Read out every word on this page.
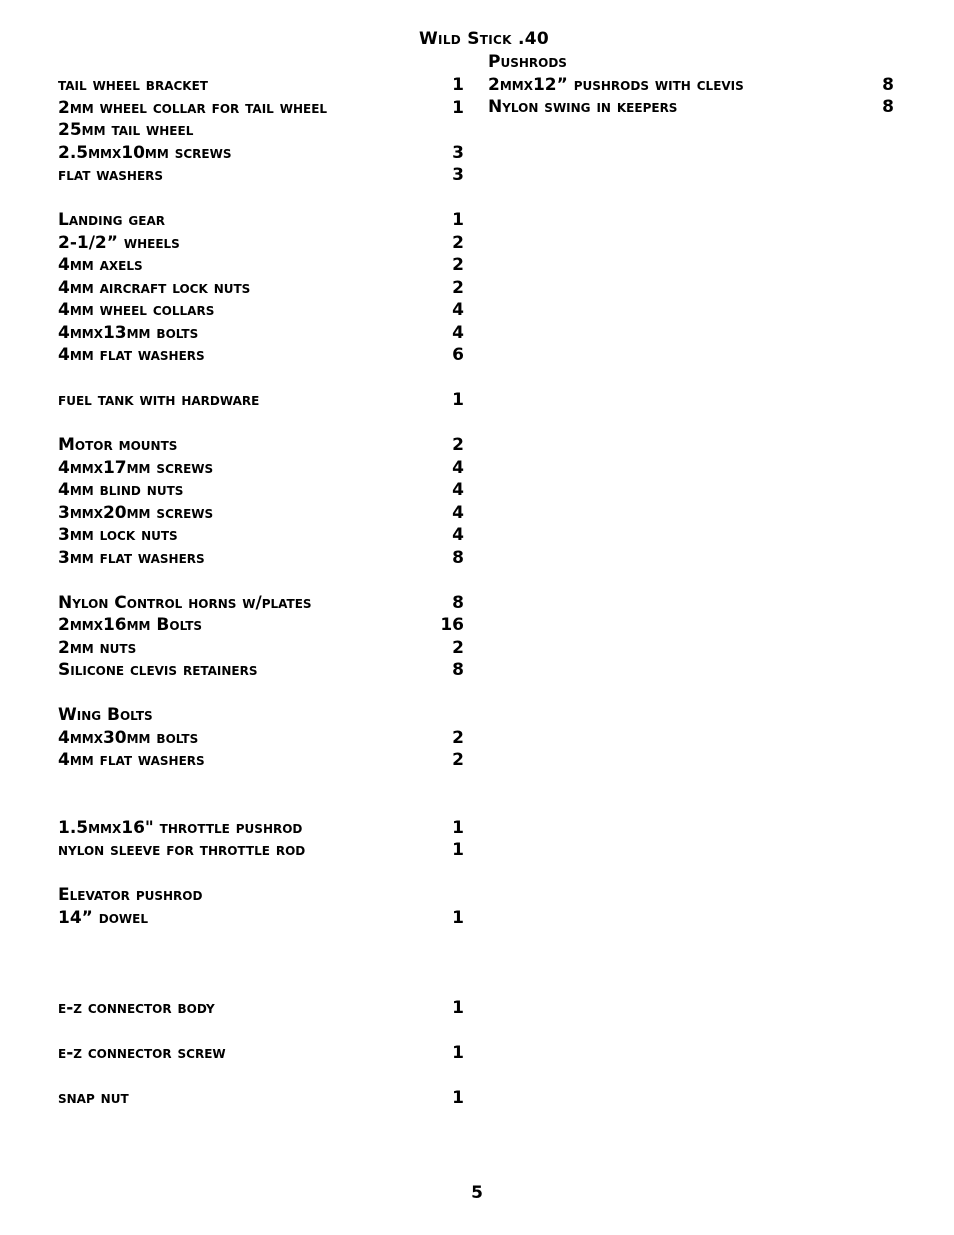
Wild Stick .40
tail wheel bracket	1
2mm wheel collar for tail wheel	1
25mm tail wheel
2.5mmx10mm screws	3
flat washers	3
Landing gear	1
2-1/2” wheels	2
4mm axels	2
4mm aircraft lock nuts	2
4mm wheel collars	4
4mmx13mm bolts	4
4mm flat washers	6
fuel tank with hardware	1
Motor mounts	2
4mmx17mm screws	4
4mm blind nuts	4
3mmx20mm screws	4
3mm lock nuts	4
3mm flat washers	8
Nylon Control horns w/plates	8
2mmx16mm Bolts	16
2mm nuts	2
Silicone clevis retainers	8
Wing Bolts
4mmx30mm bolts	2
4mm flat washers	2
1.5mmx16" throttle pushrod	1
nylon sleeve for throttle rod	1
Elevator pushrod
14” dowel	1
e-z connector body	1
e-z connector screw	1
snap nut	1
Pushrods
2mmx12” pushrods with clevis	8
Nylon swing in keepers	8
5
